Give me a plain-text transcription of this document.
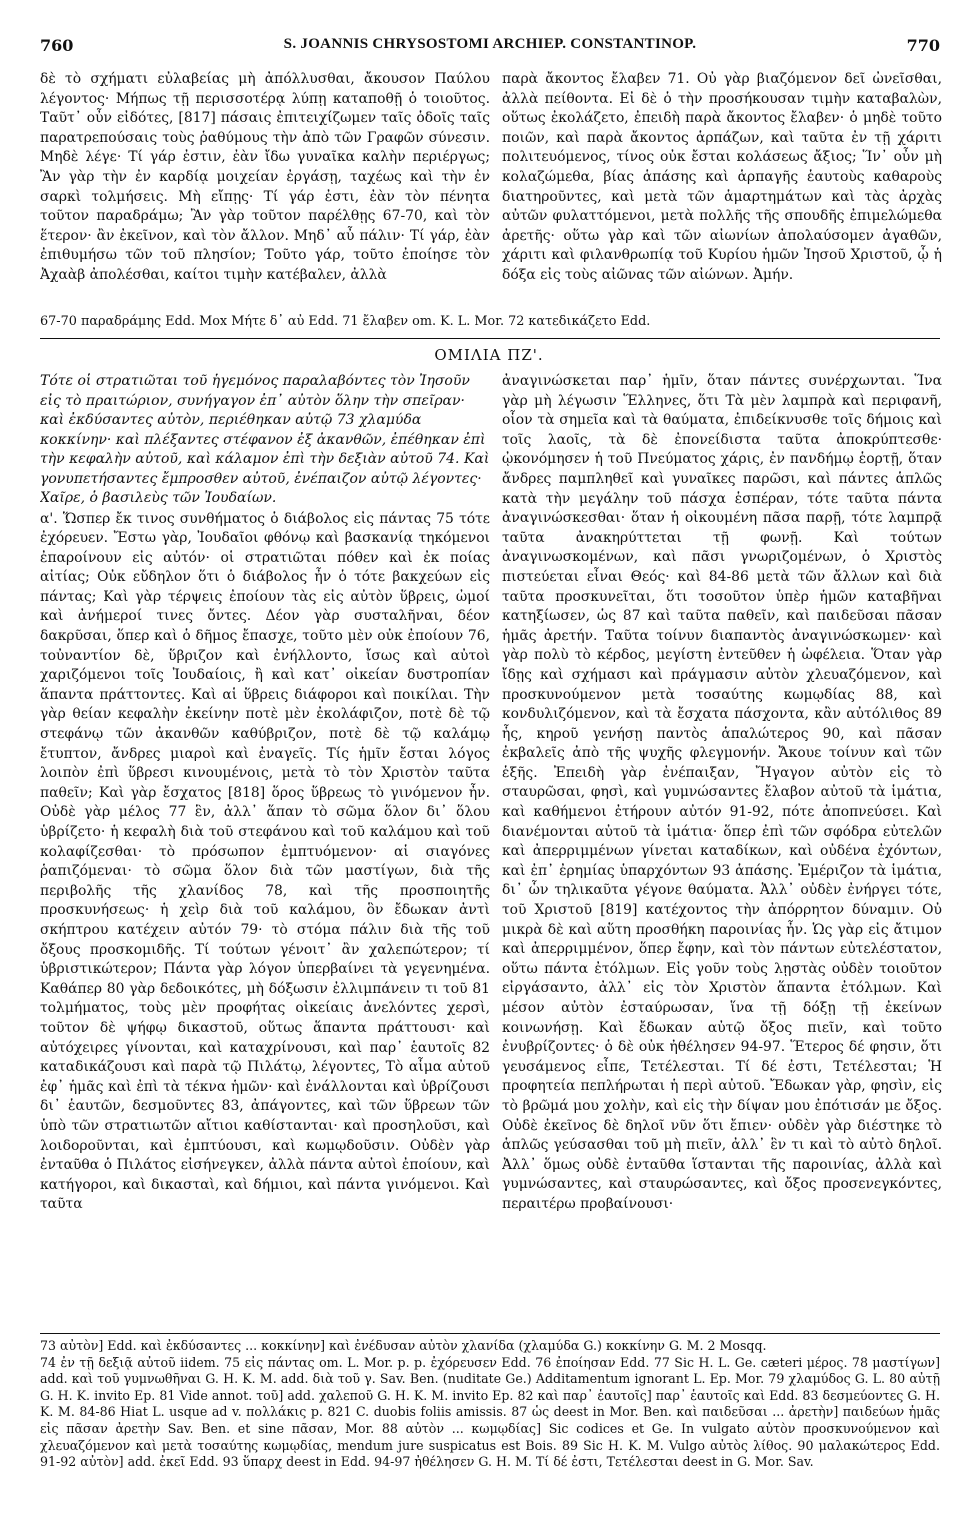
760	S. JOANNIS CHRYSOSTOMI ARCHIEP. CONSTANTINOP.	770

δὲ τὸ σχήματι εὐλαβείας μὴ ἀπόλλυσθαι, ἄκουσον Παύλου λέγοντος· Μήπως τῇ περισσοτέρᾳ λύπῃ καταποθῇ ὁ τοιοῦτος. Ταῦτ᾽ οὖν εἰδότες, [817] πάσαις ἐπιτειχίζωμεν ταῖς ὁδοῖς ταῖς παρατρεπούσαις τοὺς ῥαθύμους τὴν ἀπὸ τῶν Γραφῶν σύνεσιν. Μηδὲ λέγε· Τί γάρ ἐστιν, ἐὰν ἴδω γυναῖκα καλὴν περιέργως; Ἂν γὰρ τὴν ἐν καρδίᾳ μοιχείαν ἐργάσῃ, ταχέως καὶ τὴν ἐν σαρκὶ τολμήσεις. Μὴ εἴπῃς· Τί γάρ ἐστι, ἐὰν τὸν πένητα τοῦτον παραδράμω; Ἂν γὰρ τοῦτον παρέλθῃς 67-70, καὶ τὸν ἕτερον· ἂν ἐκεῖνον, καὶ τὸν ἄλλον. Μηδ᾽ αὖ πάλιν· Τί γάρ, ἐὰν ἐπιθυμήσω τῶν τοῦ πλησίον; Τοῦτο γάρ, τοῦτο ἐποίησε τὸν Ἀχαὰβ ἀπολέσθαι, καίτοι τιμὴν κατέβαλεν, ἀλλὰ

παρὰ ἄκοντος ἔλαβεν 71. Οὐ γὰρ βιαζόμενον δεῖ ὠνεῖσθαι, ἀλλὰ πείθοντα. Εἰ δὲ ὁ τὴν προσήκουσαν τιμὴν καταβαλὼν, οὕτως ἐκολάζετο, ἐπειδὴ παρὰ ἄκοντος ἔλαβεν· ὁ μηδὲ τοῦτο ποιῶν, καὶ παρὰ ἄκοντος ἁρπάζων, καὶ ταῦτα ἐν τῇ χάριτι πολιτευόμενος, τίνος οὐκ ἔσται κολάσεως ἄξιος; Ἵν᾽ οὖν μὴ κολαζώμεθα, βίας ἁπάσης καὶ ἁρπαγῆς ἑαυτοὺς καθαροὺς διατηροῦντες, καὶ μετὰ τῶν ἁμαρτημάτων καὶ τὰς ἀρχὰς αὐτῶν φυλαττόμενοι, μετὰ πολλῆς τῆς σπουδῆς ἐπιμελώμεθα ἀρετῆς· οὕτω γὰρ καὶ τῶν αἰωνίων ἀπολαύσομεν ἀγαθῶν, χάριτι καὶ φιλανθρωπίᾳ τοῦ Κυρίου ἡμῶν Ἰησοῦ Χριστοῦ, ᾧ ἡ δόξα εἰς τοὺς αἰῶνας τῶν αἰώνων. Ἀμήν.

67-70 παραδράμης Edd. Mox Μήτε δ᾽ αὖ Edd. 71 ἔλαβεν om. K. L. Mor. 72 κατεδικάζετο Edd.
ΟΜΙΛΙΑ ΠΖ'.

Τότε οἱ στρατιῶται τοῦ ἡγεμόνος παραλαβόντες τὸν Ἰησοῦν εἰς τὸ πραιτώριον, συνήγαγον ἐπ᾽ αὐτὸν ὅλην τὴν σπεῖραν· καὶ ἐκδύσαντες αὐτὸν, περιέθηκαν αὐτῷ 73 χλαμύδα κοκκίνην· καὶ πλέξαντες στέφανον ἐξ ἀκανθῶν, ἐπέθηκαν ἐπὶ τὴν κεφαλὴν αὐτοῦ, καὶ κάλαμον ἐπὶ τὴν δεξιὰν αὐτοῦ 74. Καὶ γονυπετήσαντες ἔμπροσθεν αὐτοῦ, ἐνέπαιζον αὐτῷ λέγοντες· Χαῖρε, ὁ βασιλεὺς τῶν Ἰουδαίων.

α'. Ὥσπερ ἔκ τινος συνθήματος ὁ διάβολος εἰς πάντας 75 τότε ἐχόρευεν. Ἔστω γὰρ, Ἰουδαῖοι φθόνῳ καὶ βασκανίᾳ τηκόμενοι ἐπαροίνουν εἰς αὐτόν· οἱ στρατιῶται πόθεν καὶ ἐκ ποίας αἰτίας; Οὐκ εὔδηλον ὅτι ὁ διάβολος ἦν ὁ τότε βακχεύων εἰς πάντας; Καὶ γὰρ τέρψεις ἐποίουν τὰς εἰς αὐτὸν ὕβρεις, ὠμοί καὶ ἀνήμεροί τινες ὄντες. Δέον γὰρ συσταλῆναι, δέον δακρῦσαι, ὅπερ καὶ ὁ δῆμος ἔπασχε, τοῦτο μὲν οὐκ ἐποίουν 76, τοὐναντίον δὲ, ὕβριζον καὶ ἐνήλλοντο, ἴσως καὶ αὐτοὶ χαριζόμενοι τοῖς Ἰουδαίοις, ἢ καὶ κατ᾽ οἰκείαν δυστροπίαν ἅπαντα πράττοντες. Καὶ αἱ ὕβρεις διάφοροι καὶ ποικίλαι. Τὴν γὰρ θείαν κεφαλὴν ἐκείνην ποτὲ μὲν ἐκολάφιζον, ποτὲ δὲ τῷ στεφάνῳ τῶν ἀκανθῶν καθύβριζον, ποτὲ δὲ τῷ καλάμῳ ἔτυπτον, ἄνδρες μιαροὶ καὶ ἐναγεῖς. Τίς ἡμῖν ἔσται λόγος λοιπὸν ἐπὶ ὕβρεσι κινουμένοις, μετὰ τὸ τὸν Χριστὸν ταῦτα παθεῖν; Καὶ γὰρ ἔσχατος [818] ὅρος ὕβρεως τὸ γινόμενον ἦν. Οὐδὲ γὰρ μέλος 77 ἓν, ἀλλ᾽ ἅπαν τὸ σῶμα ὅλον δι᾽ ὅλου ὑβρίζετο· ἡ κεφαλὴ διὰ τοῦ στεφάνου καὶ τοῦ καλάμου καὶ τοῦ κολαφίζεσθαι· τὸ πρόσωπον ἐμπτυόμενον· αἱ σιαγόνες ῥαπιζόμεναι· τὸ σῶμα ὅλον διὰ τῶν μαστίγων, διὰ τῆς περιβολῆς τῆς χλανίδος 78, καὶ τῆς προσποιητῆς προσκυνήσεως· ἡ χεὶρ διὰ τοῦ καλάμου, ὃν ἔδωκαν ἀντὶ σκήπτρου κατέχειν αὐτόν 79· τὸ στόμα πάλιν διὰ τῆς τοῦ ὄξους προσκομιδῆς. Τί τούτων γένοιτ᾽ ἂν χαλεπώτερον; τί ὑβριστικώτερον; Πάντα γὰρ λόγον ὑπερβαίνει τὰ γεγενημένα. Καθάπερ 80 γὰρ δεδοικότες, μὴ δόξωσιν ἐλλιμπάνειν τι τοῦ 81 τολμήματος, τοὺς μὲν προφήτας οἰκείαις ἀνελόντες χερσὶ, τοῦτον δὲ ψήφῳ δικαστοῦ, οὕτως ἅπαντα πράττουσι· καὶ αὐτόχειρες γίνονται, καὶ καταχρίνουσι, καὶ παρ᾽ ἑαυτοῖς 82 καταδικάζουσι καὶ παρὰ τῷ Πιλάτῳ, λέγοντες, Τὸ αἷμα αὐτοῦ ἐφ᾽ ἡμᾶς καὶ ἐπὶ τὰ τέκνα ἡμῶν· καὶ ἐνάλλονται καὶ ὑβρίζουσι δι᾽ ἑαυτῶν, δεσμοῦντες 83, ἀπάγοντες, καὶ τῶν ὕβρεων τῶν ὑπὸ τῶν στρατιωτῶν αἴτιοι καθίστανται· καὶ προσηλοῦσι, καὶ λοιδοροῦνται, καὶ ἐμπτύουσι, καὶ κωμῳδοῦσιν. Οὐδὲν γὰρ ἐνταῦθα ὁ Πιλάτος εἰσήνεγκεν, ἀλλὰ πάντα αὐτοὶ ἐποίουν, καὶ κατήγοροι, καὶ δικασταὶ, καὶ δήμιοι, καὶ πάντα γινόμενοι. Καὶ ταῦτα

ἀναγινώσκεται παρ᾽ ἡμῖν, ὅταν πάντες συνέρχωνται. Ἵνα γὰρ μὴ λέγωσιν Ἕλληνες, ὅτι Τὰ μὲν λαμπρὰ καὶ περιφανῆ, οἷον τὰ σημεῖα καὶ τὰ θαύματα, ἐπιδείκνυσθε τοῖς δήμοις καὶ τοῖς λαοῖς, τὰ δὲ ἐπονείδιστα ταῦτα ἀποκρύπτεσθε· ᾠκονόμησεν ἡ τοῦ Πνεύματος χάρις, ἐν πανδήμῳ ἑορτῇ, ὅταν ἄνδρες παμπληθεῖ καὶ γυναῖκες παρῶσι, καὶ πάντες ἁπλῶς κατὰ τὴν μεγάλην τοῦ πάσχα ἑσπέραν, τότε ταῦτα πάντα ἀναγινώσκεσθαι· ὅταν ἡ οἰκουμένη πᾶσα παρῇ, τότε λαμπρᾷ ταῦτα ἀνακηρύττεται τῇ φωνῇ. Καὶ τούτων ἀναγινωσκομένων, καὶ πᾶσι γνωριζομένων, ὁ Χριστὸς πιστεύεται εἶναι Θεός· καὶ 84-86 μετὰ τῶν ἄλλων καὶ διὰ ταῦτα προσκυνεῖται, ὅτι τοσοῦτον ὑπὲρ ἡμῶν καταβῆναι κατηξίωσεν, ὡς 87 καὶ ταῦτα παθεῖν, καὶ παιδεῦσαι πᾶσαν ἡμᾶς ἀρετήν. Ταῦτα τοίνυν διαπαντὸς ἀναγινώσκωμεν· καὶ γὰρ πολὺ τὸ κέρδος, μεγίστη ἐντεῦθεν ἡ ὠφέλεια. Ὅταν γὰρ ἴδῃς καὶ σχήμασι καὶ πράγμασιν αὐτὸν χλευαζόμενον, καὶ προσκυνούμενον μετὰ τοσαύτης κωμῳδίας 88, καὶ κονδυλιζόμενον, καὶ τὰ ἔσχατα πάσχοντα, κἂν αὐτόλιθος 89 ἧς, κηροῦ γενήσῃ παντὸς ἁπαλώτερος 90, καὶ πᾶσαν ἐκβαλεῖς ἀπὸ τῆς ψυχῆς φλεγμονήν. Ἄκουε τοίνυν καὶ τῶν ἑξῆς. Ἐπειδὴ γὰρ ἐνέπαιξαν, Ἤγαγον αὐτὸν εἰς τὸ σταυρῶσαι, φησὶ, καὶ γυμνώσαντες ἔλαβον αὐτοῦ τὰ ἱμάτια, καὶ καθήμενοι ἐτήρουν αὐτόν 91-92, πότε ἀποπνεύσει. Καὶ διανέμονται αὐτοῦ τὰ ἱμάτια· ὅπερ ἐπὶ τῶν σφόδρα εὐτελῶν καὶ ἀπερριμμένων γίνεται καταδίκων, καὶ οὐδένα ἐχόντων, καὶ ἐπ᾽ ἐρημίας ὑπαρχόντων 93 ἁπάσης. Ἐμέριζον τὰ ἱμάτια, δι᾽ ὧν τηλικαῦτα γέγονε θαύματα. Ἀλλ᾽ οὐδὲν ἐνήργει τότε, τοῦ Χριστοῦ [819] κατέχοντος τὴν ἀπόρρητον δύναμιν. Οὐ μικρὰ δὲ καὶ αὕτη προσθήκη παροινίας ἦν. Ὡς γὰρ εἰς ἄτιμον καὶ ἀπερριμμένον, ὅπερ ἔφην, καὶ τὸν πάντων εὐτελέστατον, οὕτω πάντα ἐτόλμων. Εἰς γοῦν τοὺς λῃστὰς οὐδὲν τοιοῦτον εἰργάσαντο, ἀλλ᾽ εἰς τὸν Χριστὸν ἅπαντα ἐτόλμων. Καὶ μέσον αὐτὸν ἐσταύρωσαν, ἵνα τῇ δόξῃ τῇ ἐκείνων κοινωνήσῃ. Καὶ ἔδωκαν αὐτῷ ὄξος πιεῖν, καὶ τοῦτο ἐνυβρίζοντες· ὁ δὲ οὐκ ἠθέλησεν 94-97. Ἕτερος δέ φησιν, ὅτι γευσάμενος εἶπε, Τετέλεσται. Τί δέ ἐστι, Τετέλεσται; Ἡ προφητεία πεπλήρωται ἡ περὶ αὐτοῦ. Ἔδωκαν γὰρ, φησὶν, εἰς τὸ βρῶμά μου χολὴν, καὶ εἰς τὴν δίψαν μου ἐπότισάν με ὄξος. Οὐδὲ ἐκεῖνος δὲ δηλοῖ νῦν ὅτι ἔπιεν· οὐδὲν γὰρ διέστηκε τὸ ἁπλῶς γεύσασθαι τοῦ μὴ πιεῖν, ἀλλ᾽ ἓν τι καὶ τὸ αὐτὸ δηλοῖ. Ἀλλ᾽ ὅμως οὐδὲ ἐνταῦθα ἵστανται τῆς παροινίας, ἀλλὰ καὶ γυμνώσαντες, καὶ σταυρώσαντες, καὶ ὄξος προσενεγκόντες, περαιτέρω προβαίνουσι·

73 αὐτὸν] Edd. καὶ ἐκδύσαντες ... κοκκίνην] καὶ ἐνέδυσαν αὐτὸν χλανίδα (χλαμύδα G.) κοκκίνην G. M. 2 Mosqq.

74 ἐν τῇ δεξιᾷ αὐτοῦ iidem. 75 εἰς πάντας om. L. Mor. p. p. ἐχόρευσεν Edd. 76 ἐποίησαν Edd. 77 Sic H. L. Ge. cæteri μέρος. 78 μαστίγων] add. καὶ τοῦ γυμνωθῆναι G. H. K. M. add. διὰ τοῦ γ. Sav. Ben. (nuditate Ge.) Additamentum ignorant L. Ep. Mor. 79 χλαμύδος G. L. 80 αὐτῇ G. H. K. invito Ep. 81 Vide annot. τοῦ] add. χαλεποῦ G. H. K. M. invito Ep. 82 καὶ παρ᾽ ἑαυτοῖς] παρ᾽ ἑαυτοῖς καὶ Edd. 83 δεσμεύοντες G. H. K. M. 84-86 Hiat L. usque ad v. πολλάκις p. 821 C. duobis foliis amissis. 87 ὡς deest in Mor. Ben. καὶ παιδεῦσαι ... ἀρετὴν] παιδεύων ἡμᾶς εἰς πᾶσαν ἀρετὴν Sav. Ben. et sine πᾶσαν, Mor. 88 αὐτὸν ... κωμῳδίας] Sic codices et Ge. In vulgato αὐτὸν προσκυνούμενον καὶ χλευαζόμενον καὶ μετὰ τοσαύτης κωμῳδίας, mendum jure suspicatus est Bois. 89 Sic H. K. M. Vulgo αὐτὸς λίθος. 90 μαλακώτερος Edd. 91-92 αὐτὸν] add. ἐκεῖ Edd. 93 ὕπαρχ deest in Edd. 94-97 ἠθέλησεν G. H. M. Τί δέ ἐστι, Τετέλεσται deest in G. Mor. Sav.
